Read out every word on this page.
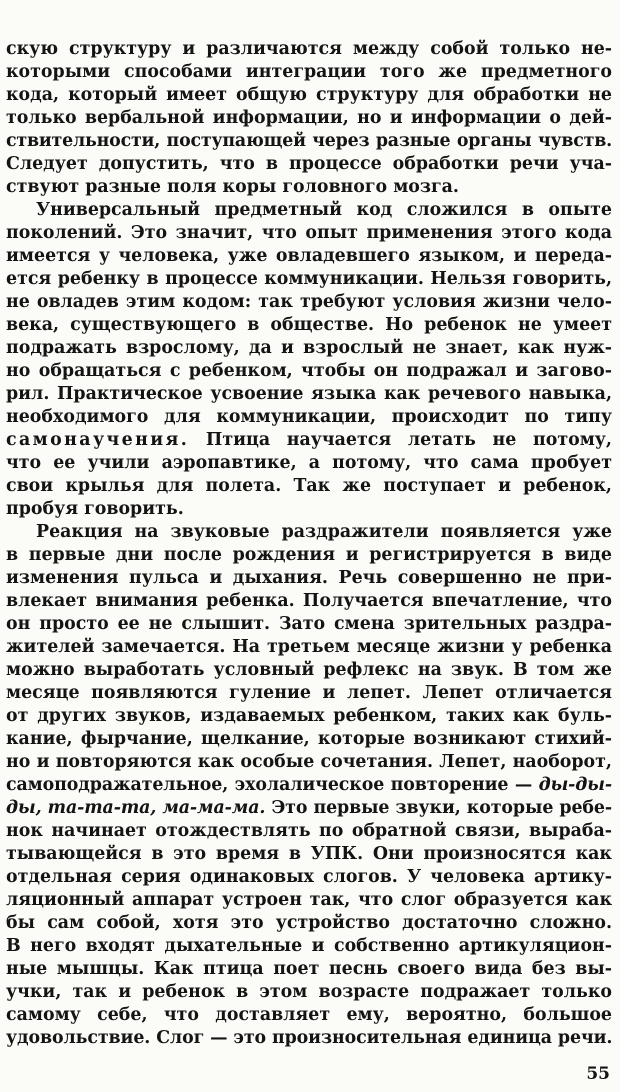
скую структуру и различаются между собой только не-
которыми способами интеграции того же предметного
кода, который имеет общую структуру для обработки не
только вербальной информации, но и информации о дей-
ствительности, поступающей через разные органы чувств.
Следует допустить, что в процессе обработки речи уча-
ствуют разные поля коры головного мозга.
Универсальный предметный код сложился в опыте
поколений. Это значит, что опыт применения этого кода
имеется у человека, уже овладевшего языком, и переда-
ется ребенку в процессе коммуникации. Нельзя говорить,
не овладев этим кодом: так требуют условия жизни чело-
века, существующего в обществе. Но ребенок не умеет
подражать взрослому, да и взрослый не знает, как нуж-
но обращаться с ребенком, чтобы он подражал и загово-
рил. Практическое усвоение языка как речевого навыка,
необходимого для коммуникации, происходит по типу
самонаучения. Птица научается летать не потому,
что ее учили аэропавтике, а потому, что сама пробует
свои крылья для полета. Так же поступает и ребенок,
пробуя говорить.
Реакция на звуковые раздражители появляется уже
в первые дни после рождения и регистрируется в виде
изменения пульса и дыхания. Речь совершенно не при-
влекает внимания ребенка. Получается впечатление, что
он просто ее не слышит. Зато смена зрительных раздра-
жителей замечается. На третьем месяце жизни у ребенка
можно выработать условный рефлекс на звук. В том же
месяце появляются гуление и лепет. Лепет отличается
от других звуков, издаваемых ребенком, таких как буль-
кание, фырчание, щелкание, которые возникают стихий-
но и повторяются как особые сочетания. Лепет, наоборот,
самоподражательное, эхолалическое повторение — ды-ды-
ды, та-та-та, ма-ма-ма. Это первые звуки, которые ребе-
нок начинает отождествлять по обратной связи, выраба-
тывающейся в это время в УПК. Они произносятся как
отдельная серия одинаковых слогов. У человека артику-
ляционный аппарат устроен так, что слог образуется как
бы сам собой, хотя это устройство достаточно сложно.
В него входят дыхательные и собственно артикуляцион-
ные мышцы. Как птица поет песнь своего вида без вы-
учки, так и ребенок в этом возрасте подражает только
самому себе, что доставляет ему, вероятно, большое
удовольствие. Слог — это произносительная единица речи.
55
